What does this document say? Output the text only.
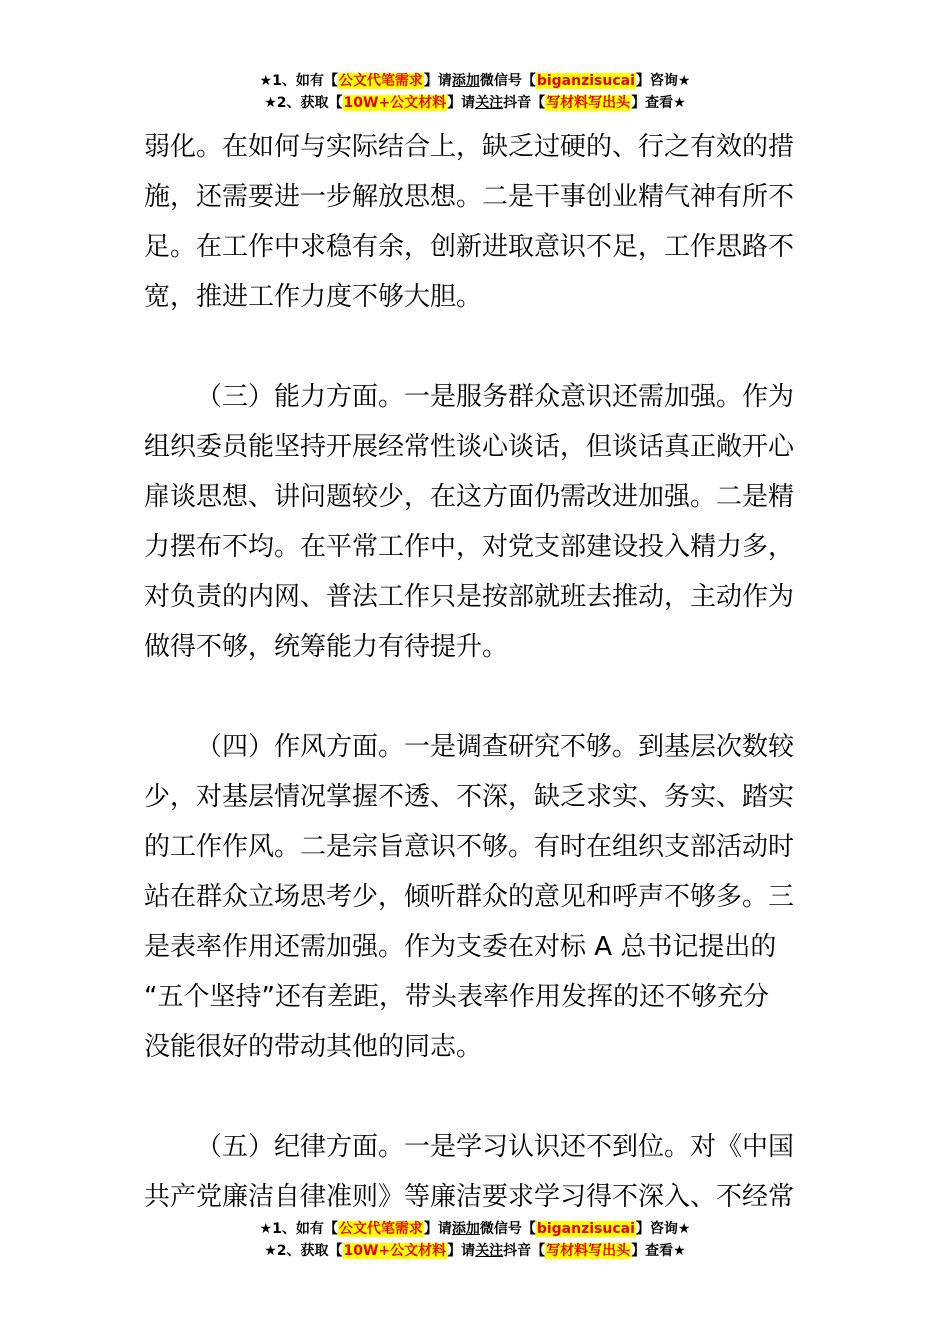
★1、如有【公文代笔需求】请添加微信号【biganzisucai】咨询★
★2、获取【10W+公文材料】请关注抖音【写材料写出头】查看★
弱化。在如何与实际结合上，缺乏过硬的、行之有效的措
施，还需要进一步解放思想。二是干事创业精气神有所不
足。在工作中求稳有余，创新进取意识不足，工作思路不
宽，推进工作力度不够大胆。
（三）能力方面。一是服务群众意识还需加强。作为
组织委员能坚持开展经常性谈心谈话，但谈话真正敞开心
扉谈思想、讲问题较少，在这方面仍需改进加强。二是精
力摆布不均。在平常工作中，对党支部建设投入精力多，
对负责的内网、普法工作只是按部就班去推动，主动作为
做得不够，统筹能力有待提升。
（四）作风方面。一是调查研究不够。到基层次数较
少，对基层情况掌握不透、不深，缺乏求实、务实、踏实
的工作作风。二是宗旨意识不够。有时在组织支部活动时
站在群众立场思考少，倾听群众的意见和呼声不够多。三
是表率作用还需加强。作为支委在对标 A 总书记提出的
“五个坚持”还有差距，带头表率作用发挥的还不够充分
没能很好的带动其他的同志。
（五）纪律方面。一是学习认识还不到位。对《中国
共产党廉洁自律准则》等廉洁要求学习得不深入、不经常
★1、如有【公文代笔需求】请添加微信号【biganzisucai】咨询★
★2、获取【10W+公文材料】请关注抖音【写材料写出头】查看★
